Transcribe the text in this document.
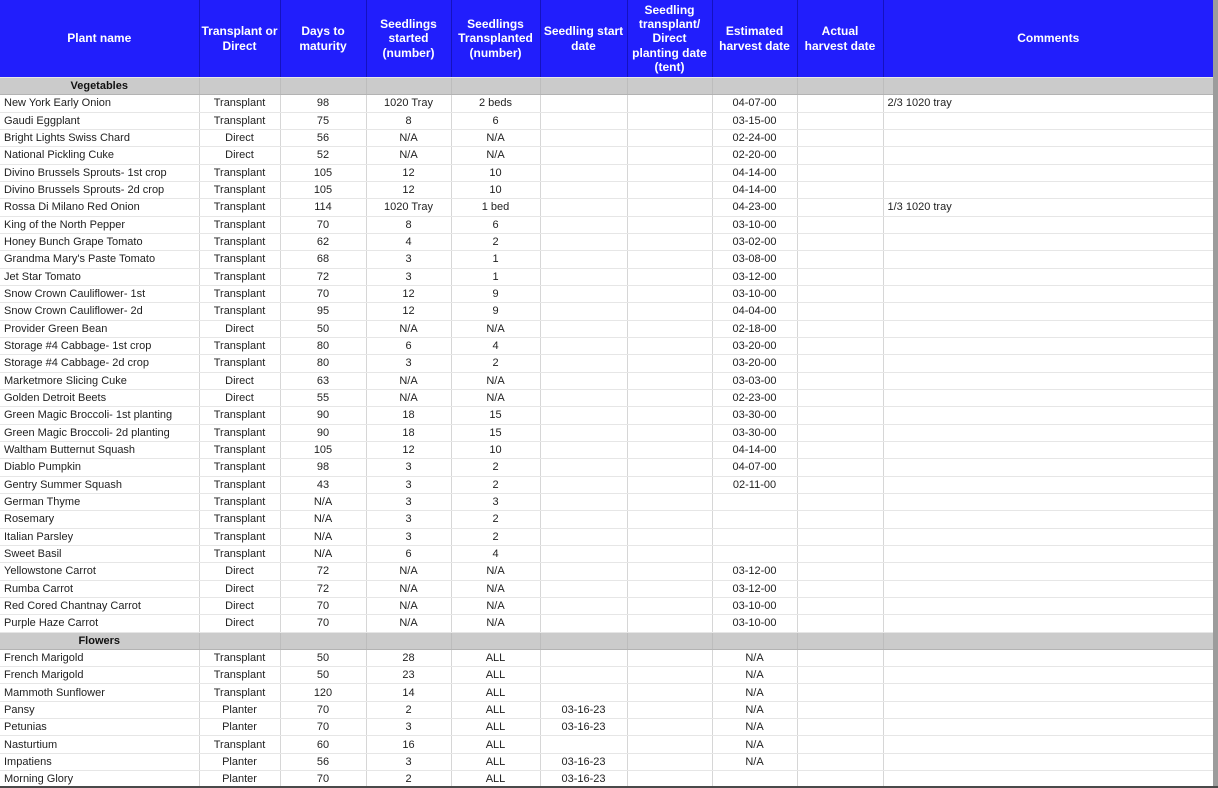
Plant name	Transplant or Direct	Days to maturity	Seedlings started (number)	Seedlings Transplanted (number)	Seedling start date	Seedling transplant/ Direct planting date (tent)	Estimated harvest date	Actual harvest date	Comments
Vegetables									
New York Early Onion	Transplant	98	1020 Tray	2 beds			04-07-00		2/3 1020 tray
Gaudi Eggplant	Transplant	75	8	6			03-15-00		
Bright Lights Swiss Chard	Direct	56	N/A	N/A			02-24-00		
National Pickling Cuke	Direct	52	N/A	N/A			02-20-00		
Divino Brussels Sprouts- 1st crop	Transplant	105	12	10			04-14-00		
Divino Brussels Sprouts- 2d crop	Transplant	105	12	10			04-14-00		
Rossa Di Milano Red Onion	Transplant	114	1020 Tray	1 bed			04-23-00		1/3 1020 tray
King of the North Pepper	Transplant	70	8	6			03-10-00		
Honey Bunch Grape Tomato	Transplant	62	4	2			03-02-00		
Grandma Mary's Paste Tomato	Transplant	68	3	1			03-08-00		
Jet Star Tomato	Transplant	72	3	1			03-12-00		
Snow Crown Cauliflower- 1st	Transplant	70	12	9			03-10-00		
Snow Crown Cauliflower- 2d	Transplant	95	12	9			04-04-00		
Provider Green Bean	Direct	50	N/A	N/A			02-18-00		
Storage #4 Cabbage- 1st crop	Transplant	80	6	4			03-20-00		
Storage #4 Cabbage- 2d crop	Transplant	80	3	2			03-20-00		
Marketmore Slicing Cuke	Direct	63	N/A	N/A			03-03-00		
Golden Detroit Beets	Direct	55	N/A	N/A			02-23-00		
Green Magic Broccoli- 1st planting	Transplant	90	18	15			03-30-00		
Green Magic Broccoli- 2d planting	Transplant	90	18	15			03-30-00		
Waltham Butternut Squash	Transplant	105	12	10			04-14-00		
Diablo Pumpkin	Transplant	98	3	2			04-07-00		
Gentry Summer Squash	Transplant	43	3	2			02-11-00		
German Thyme	Transplant	N/A	3	3					
Rosemary	Transplant	N/A	3	2					
Italian Parsley	Transplant	N/A	3	2					
Sweet Basil	Transplant	N/A	6	4					
Yellowstone Carrot	Direct	72	N/A	N/A			03-12-00		
Rumba Carrot	Direct	72	N/A	N/A			03-12-00		
Red Cored Chantnay Carrot	Direct	70	N/A	N/A			03-10-00		
Purple Haze Carrot	Direct	70	N/A	N/A			03-10-00		
Flowers									
French Marigold	Transplant	50	28	ALL			N/A		
French Marigold	Transplant	50	23	ALL			N/A		
Mammoth Sunflower	Transplant	120	14	ALL			N/A		
Pansy	Planter	70	2	ALL	03-16-23		N/A		
Petunias	Planter	70	3	ALL	03-16-23		N/A		
Nasturtium	Transplant	60	16	ALL			N/A		
Impatiens	Planter	56	3	ALL	03-16-23		N/A		
Morning Glory	Planter	70	2	ALL	03-16-23				
